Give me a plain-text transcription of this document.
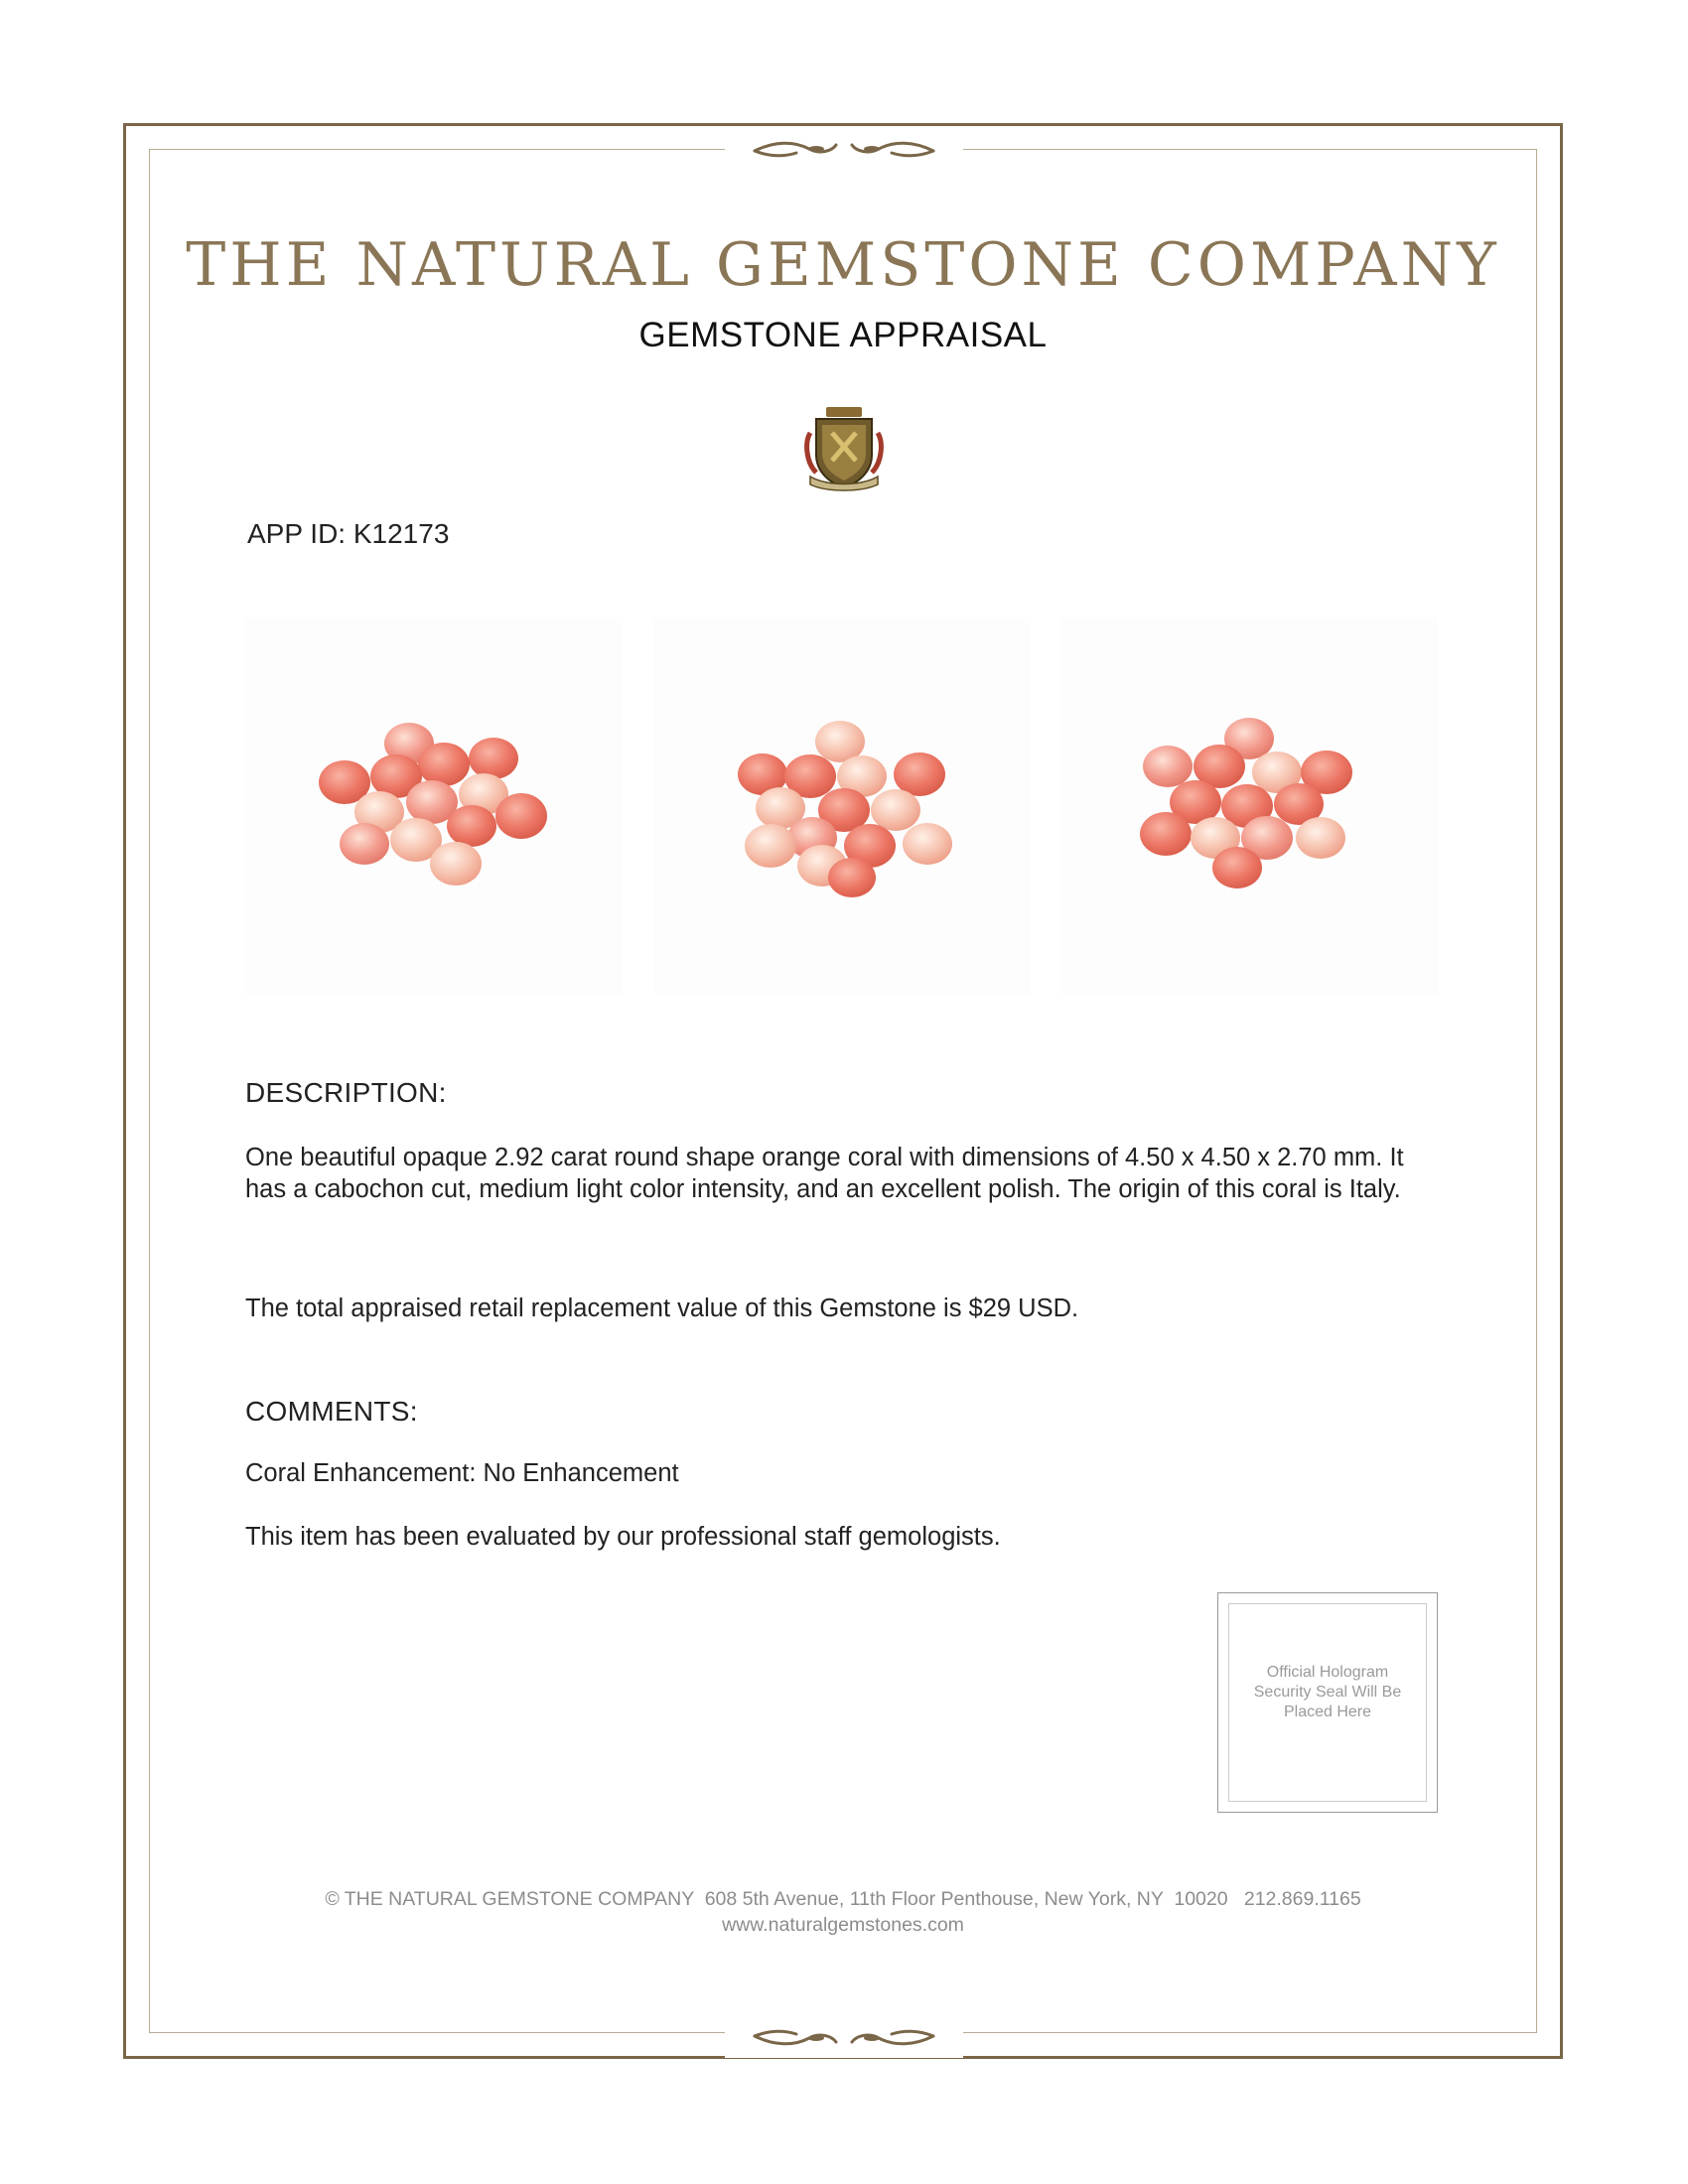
THE NATURAL GEMSTONE COMPANY
GEMSTONE APPRAISAL
APP ID: K12173
DESCRIPTION:
One beautiful opaque 2.92 carat round shape orange coral with dimensions of 4.50 x 4.50 x 2.70 mm. It has a cabochon cut, medium light color intensity, and an excellent polish. The origin of this coral is Italy.
The total appraised retail replacement value of this Gemstone is $29 USD.
COMMENTS:
Coral Enhancement: No Enhancement
This item has been evaluated by our professional staff gemologists.
Official Hologram Security Seal Will Be Placed Here
© THE NATURAL GEMSTONE COMPANY  608 5th Avenue, 11th Floor Penthouse, New York, NY  10020   212.869.1165
www.naturalgemstones.com
